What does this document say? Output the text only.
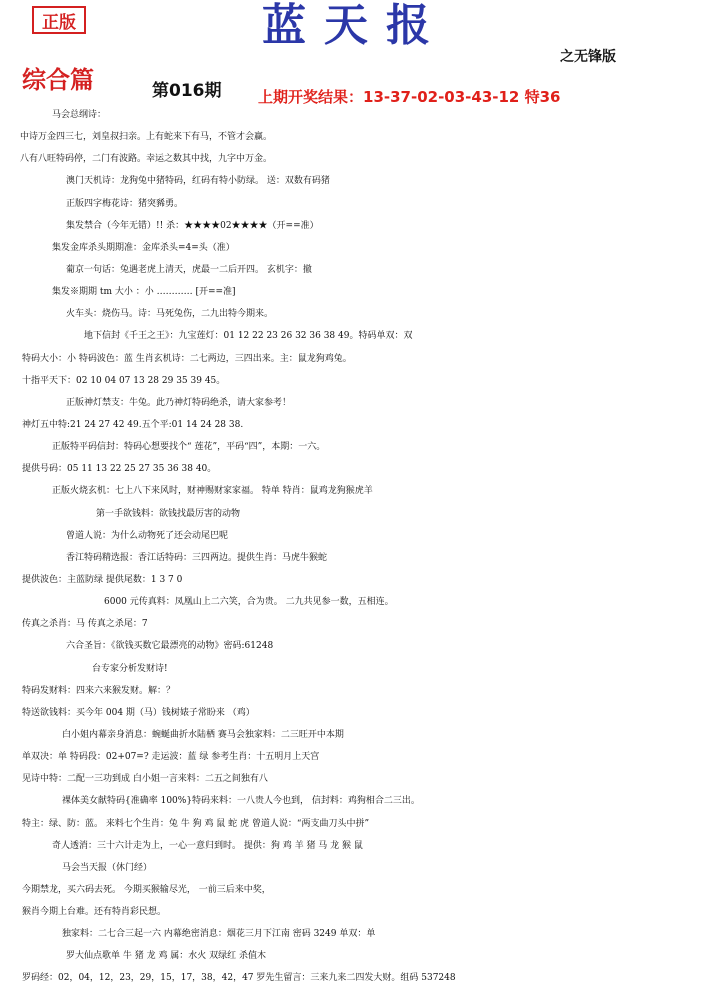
正版	蓝天报
之无锋版
综合篇	第016期 上期开奖结果：13-37-02-03-43-12 特36
马会总纲诗：
中诗万金四三七，刘皇叔扫亲。上有蛇来下有马，不管才会赢。
八有八旺特码停，二门有波路。幸运之数其中找，九字中万金。
澳门天机诗：龙狗兔中猪特码，红码有特小防绿。 送：双数有码猪
正版四字梅花诗：猪突豨勇。
集发禁合（今年无错）!! 杀：★★★★02★★★★（开==准）
集发金库杀头期期准：金库杀头=4=头（准）
葡京一句话：兔遇老虎上清天，虎最一二后开四。 玄机字：撤
集发※期期 tm 大小 ：小 ………… [开==准]
火车头：烧伤马。诗：马死兔伤，二九出特今期来。
地下信封《千王之王》：九宝莲灯：01 12 22 23 26 32 36 38 49。特码单双：双
特码大小：小 特码波色：蓝 生肖玄机诗：二七两边，三四出来。主：鼠龙狗鸡兔。
十指平天下：02 10 04 07 13 28 29 35 39 45。
正版神灯禁支：牛兔。此乃神灯特码绝杀，请大家参考！
神灯五中特:21 24 27 42 49.五个平:01 14 24 28 38.
正版特平码信封：特码心想要找个“ 莲花”，平码“四”，本期：一六。
提供号码：05 11 13 22 25 27 35 36 38 40。
正版火烧玄机：七上八下来风时，财神赐财家家福。 特单 特肖：鼠鸡龙狗猴虎羊
第一手欲钱料：欲钱找最厉害的动物
曾道人说：为什么动物死了还会动尾巴呢
香江特码精选报：香江话特码：三四两边。提供生肖：马虎牛猴蛇
提供波色：主蓝防绿 提供尾数：1 3 7 0
6000 元传真料：凤凰山上二六笑，合为贵。 二九共见参一数，五相连。
传真之杀肖：马 传真之杀尾：7
六合圣旨：《欲钱买数它最漂亮的动物》密码:61248
台专家分析发财诗!
特码发财料：四来六来猴发财。解：？
特送欲钱料：买今年 004 期（马）钱树婊子常盼来 （鸡）
白小姐内幕亲身消息：蜿蜒曲折水陆栖 赛马会独家料：二三旺开中本期
单双决：单 特码段：02+07=? 走运波：蓝 绿 参考生肖：十五明月上天宫
见诗中特：二配一三功到成 白小姐一言来料：二五之间独有八
裸体美女献特码{准确率 100%}特码来料：一八贵人今也到， 信封料：鸡狗相合二三出。
特主：绿、防：蓝。 来料七个生肖：兔 牛 狗 鸡 鼠 蛇 虎 曾道人说：“两支曲刀头中拼”
奇人透消：三十六计走为上，一心一意归到时。 提供：狗 鸡 羊 猪 马 龙 猴 鼠
马会当天报（休门经）
今期禁龙，买六码去死。 今期买猴输尽光， 一前三后来中奖，
猴肖今期上台难。还有特肖彩民想。
独家料：二七合三起一六 内幕绝密消息：烟花三月下江南 密码 3249 单双：单
罗大仙点歌单 牛 猪 龙 鸡 属：水火 双绿红 杀值木
罗码经：02，04，12，23，29，15，17，38，42，47 罗先生留言：三来九来二四发大财。组码 537248
